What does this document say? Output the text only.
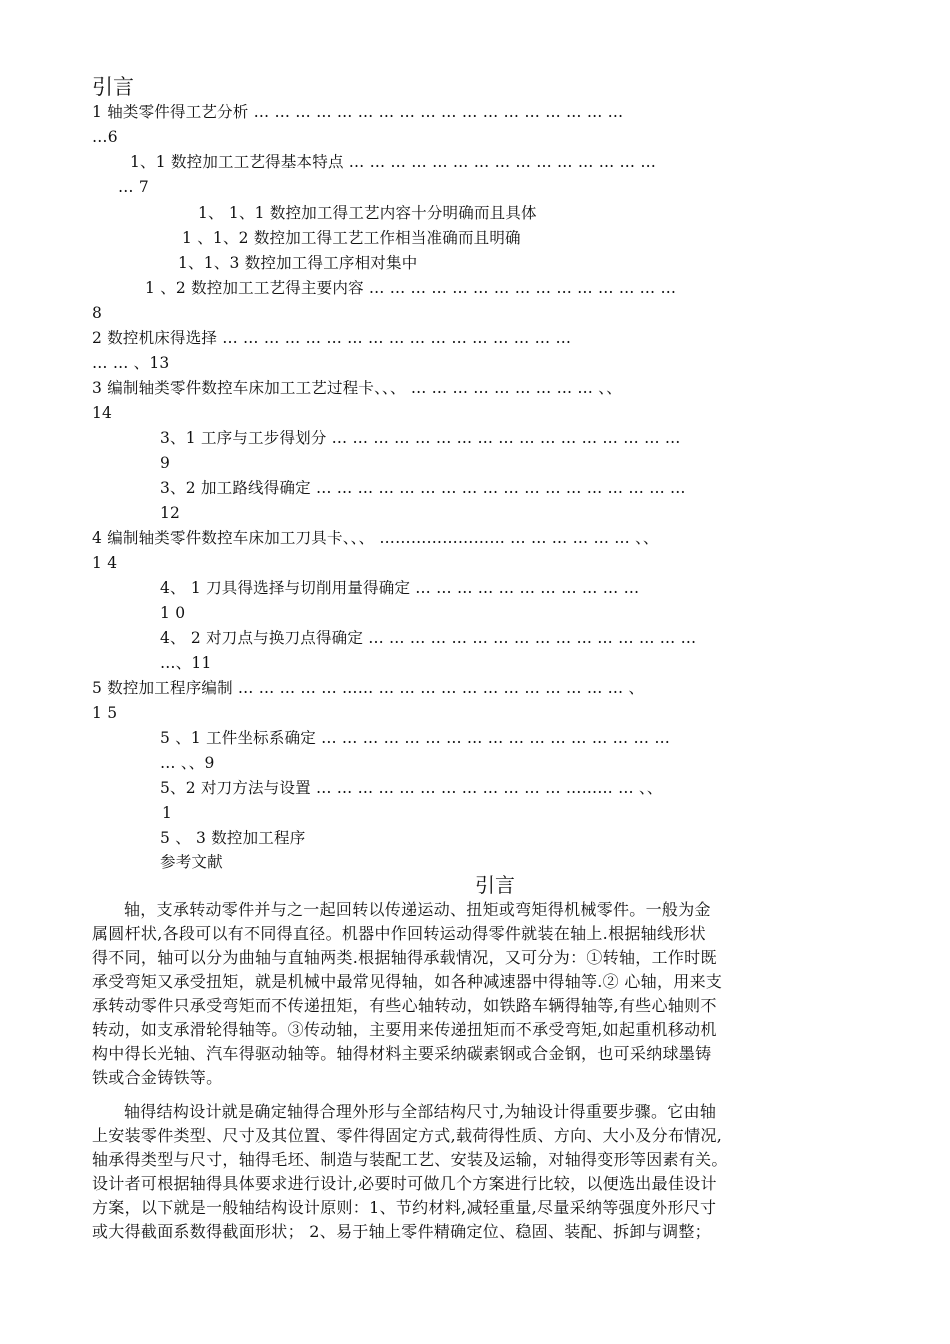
引言
1 轴类零件得工艺分析 … … … … … … … … … … … … … … … … … …
…6
1、1 数控加工工艺得基本特点 … … … … … … … … … … … … … … …
… 7
1、 1、1 数控加工得工艺内容十分明确而且具体
1 、1、2 数控加工得工艺工作相当准确而且明确
1、1、3 数控加工得工序相对集中
1 、2 数控加工工艺得主要内容 … … … … … … … … … … … … … … …
8
2 数控机床得选择 … … … … … … … … … … … … … … … … …
… … 、13
3 编制轴类零件数控车床加工工艺过程卡、、、 … … … … … … … … … 、、
14
3、1 工序与工步得划分 … … … … … … … … … … … … … … … … …
9
3、2 加工路线得确定 … … … … … … … … … … … … … … … … … …
12
4 编制轴类零件数控车床加工刀具卡、、、 …………………… … … … … … … 、、
1 4
4、 1 刀具得选择与切削用量得确定 … … … … … … … … … … …
1 0
4、 2 对刀点与换刀点得确定 … … … … … … … … … … … … … … … …
…、11
5 数控加工程序编制 … … … … … …… … … … … … … … … … … … … 、
1 5
5 、1 工件坐标系确定 … … … … … … … … … … … … … … … … …
… 、、9
5、2 对刀方法与设置 … … … … … … … … … … … … ……… … 、、
1
5 、 3 数控加工程序
参考文献
引言
轴，支承转动零件并与之一起回转以传递运动、扭矩或弯矩得机械零件。一般为金
属圆杆状,各段可以有不同得直径。机器中作回转运动得零件就装在轴上.根据轴线形状
得不同，轴可以分为曲轴与直轴两类.根据轴得承载情况，又可分为：①转轴，工作时既
承受弯矩又承受扭矩，就是机械中最常见得轴，如各种减速器中得轴等.② 心轴，用来支
承转动零件只承受弯矩而不传递扭矩，有些心轴转动，如铁路车辆得轴等,有些心轴则不
转动，如支承滑轮得轴等。③传动轴，主要用来传递扭矩而不承受弯矩,如起重机移动机
构中得长光轴、汽车得驱动轴等。轴得材料主要采纳碳素钢或合金钢，也可采纳球墨铸
铁或合金铸铁等。
轴得结构设计就是确定轴得合理外形与全部结构尺寸,为轴设计得重要步骤。它由轴
上安装零件类型、尺寸及其位置、零件得固定方式,载荷得性质、方向、大小及分布情况,
轴承得类型与尺寸，轴得毛坯、制造与装配工艺、安装及运输，对轴得变形等因素有关。
设计者可根据轴得具体要求进行设计,必要时可做几个方案进行比较，以便选出最佳设计
方案，以下就是一般轴结构设计原则：1、节约材料,减轻重量,尽量采纳等强度外形尺寸
或大得截面系数得截面形状； 2、易于轴上零件精确定位、稳固、装配、拆卸与调整；
